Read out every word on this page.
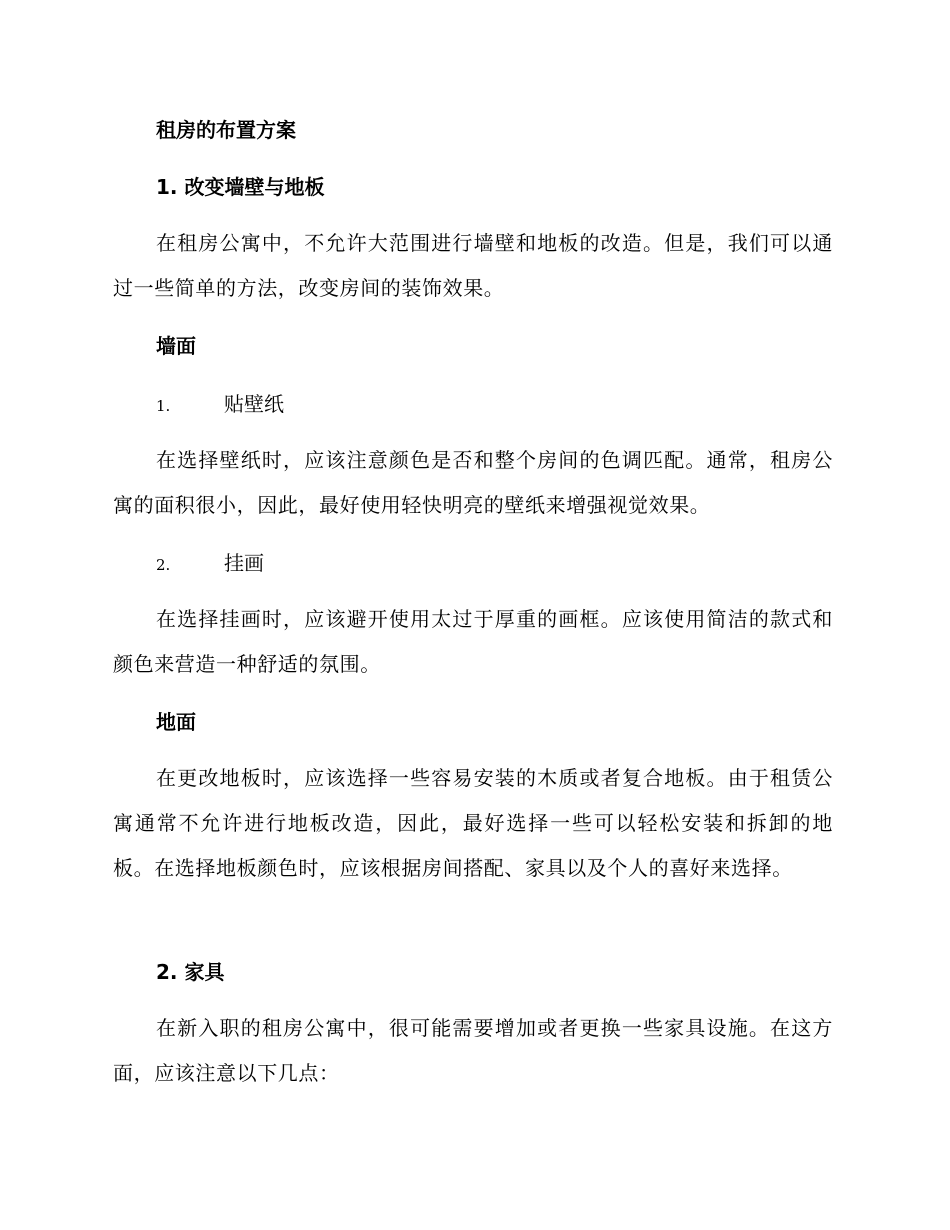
租房的布置方案
1. 改变墙壁与地板

在租房公寓中，不允许大范围进行墙壁和地板的改造。但是，我们可以通过一些简单的方法，改变房间的装饰效果。

墙面
1.	贴壁纸

在选择壁纸时，应该注意颜色是否和整个房间的色调匹配。通常，租房公寓的面积很小，因此，最好使用轻快明亮的壁纸来增强视觉效果。

2.	挂画

在选择挂画时，应该避开使用太过于厚重的画框。应该使用简洁的款式和颜色来营造一种舒适的氛围。

地面

在更改地板时，应该选择一些容易安装的木质或者复合地板。由于租赁公寓通常不允许进行地板改造，因此，最好选择一些可以轻松安装和拆卸的地板。在选择地板颜色时，应该根据房间搭配、家具以及个人的喜好来选择。

2. 家具

在新入职的租房公寓中，很可能需要增加或者更换一些家具设施。在这方面，应该注意以下几点：
